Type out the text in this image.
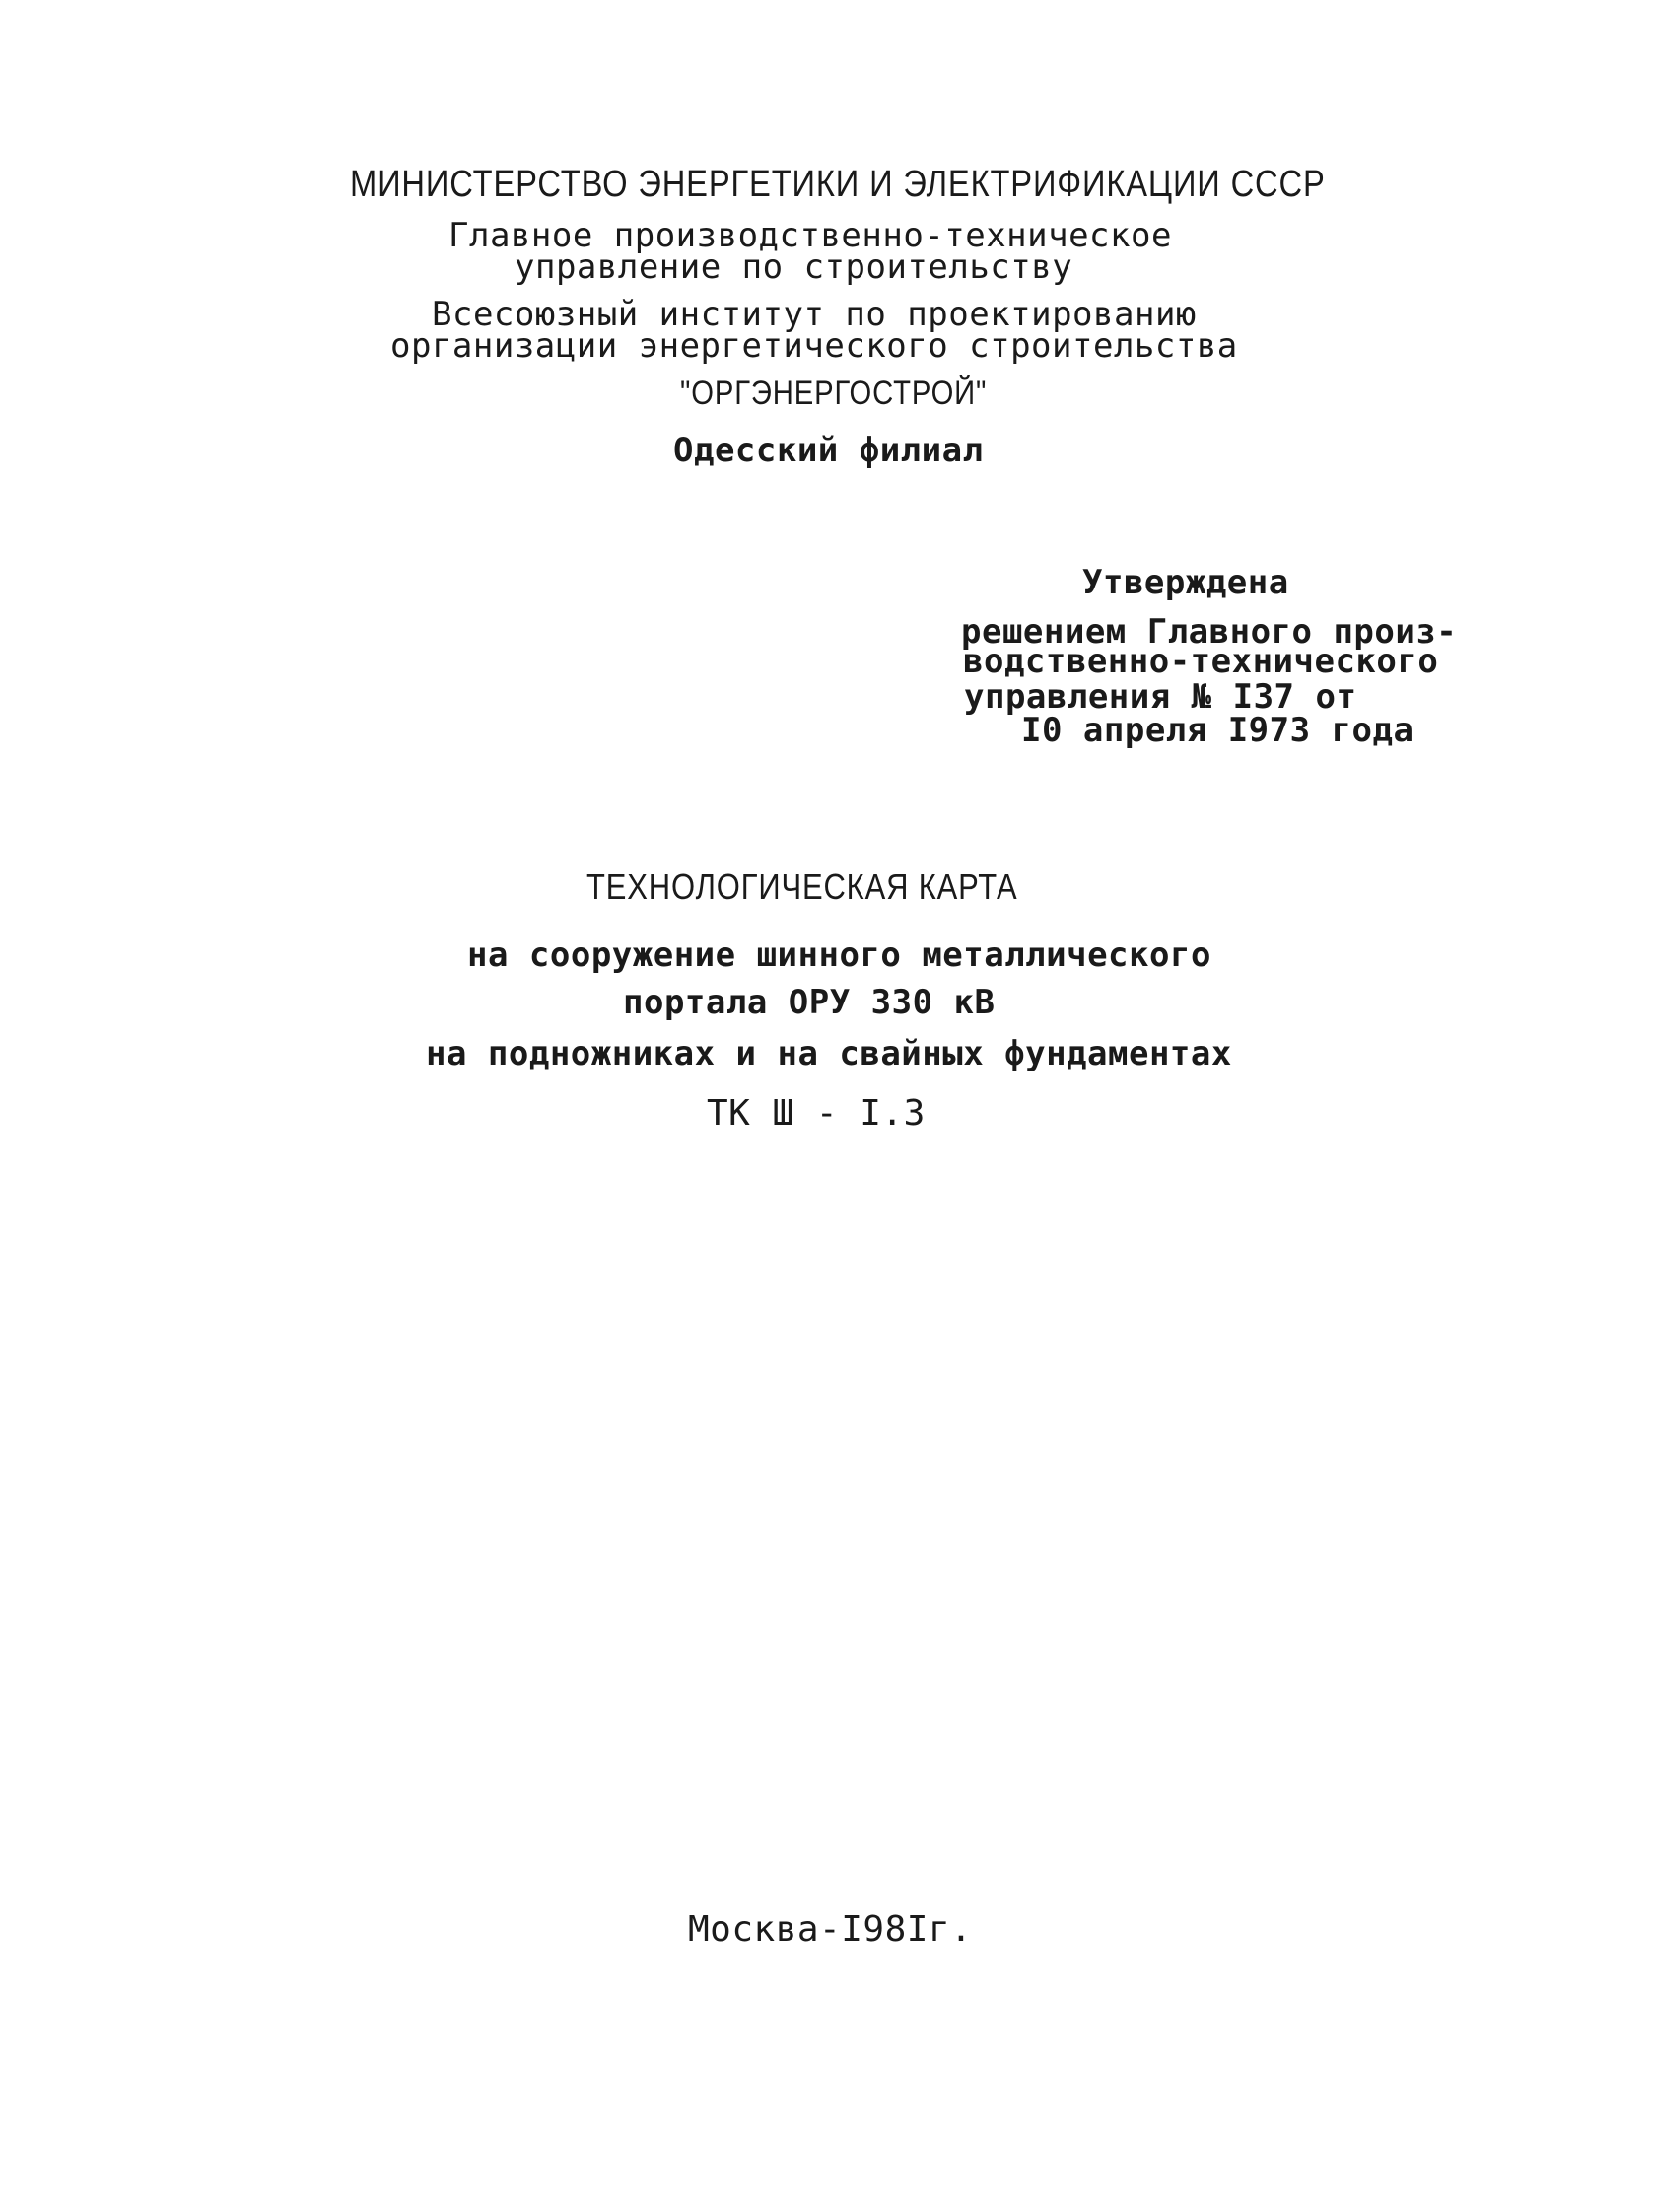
МИНИСТЕРСТВО ЭНЕРГЕТИКИ И ЭЛЕКТРИФИКАЦИИ СССР
Главное производственно-техническое
управление по строительству
Всесоюзный институт по проектированию
организации энергетического строительства
"ОРГЭНЕРГОСТРОЙ"
Одесский филиал
Утверждена
решением Главного произ-
водственно-технического
управления № I37 от
I0 апреля I973 года
ТЕХНОЛОГИЧЕСКАЯ КАРТА
на сооружение шинного металлического
портала ОРУ 330 кВ
на подножниках и на свайных фундаментах
ТК Ш - I.3
Москва-I98Iг.
